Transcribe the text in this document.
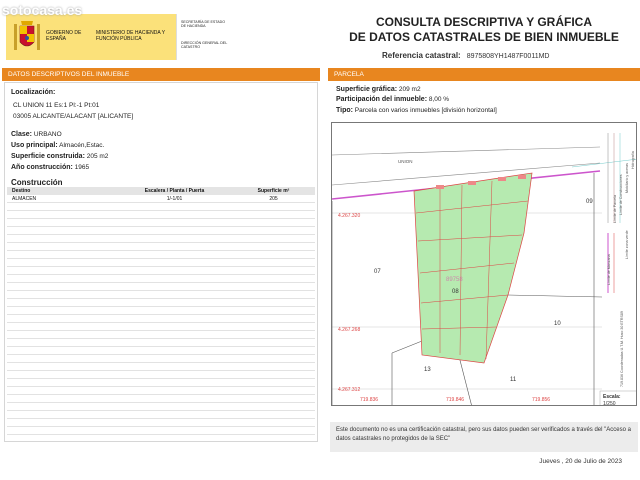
sotocasa.es
GOBIERNO DE ESPAÑA
MINISTERIO DE HACIENDA Y FUNCIÓN PÚBLICA
SECRETARÍA DE ESTADO DE HACIENDA
DIRECCIÓN GENERAL DEL CATASTRO
CONSULTA DESCRIPTIVA Y GRÁFICA
DE DATOS CATASTRALES DE BIEN INMUEBLE
Referencia catastral: 8975808YH1487F0011MD
DATOS DESCRIPTIVOS DEL INMUEBLE	PARCELA
Localización:
CL UNION 11 Es:1 Pl:-1 Pt:01
03005 ALICANTE/ALACANT [ALICANTE]
Clase: URBANO
Uso principal: Almacén,Estac.
Superficie construida: 205 m2
Año construcción: 1965
Construcción
Destino	Escalera / Planta / Puerta	Superficie m²
ALMACEN	1/-1/01	205
Superficie gráfica: 209 m2
Participación del inmueble: 8,00 %
Tipo: Parcela con varios inmuebles [división horizontal]
4.267.320
4.267.268
4.267.312
719.836	719.846	719.856
07
08
09
10
11
13
89758
UNION
Límite de Manzana
Límite de Parcela Límite de Construcciones Mobiliario y aceras
Límite zona verde
Hidrografía
719.836 Coordenadas U.T.M. Huso 30 ETRS89
Escala:
1/250
Este documento no es una certificación catastral, pero sus datos pueden ser verificados a través del "Acceso a datos catastrales no protegidos de la SEC"
Jueves , 20 de Julio de 2023
